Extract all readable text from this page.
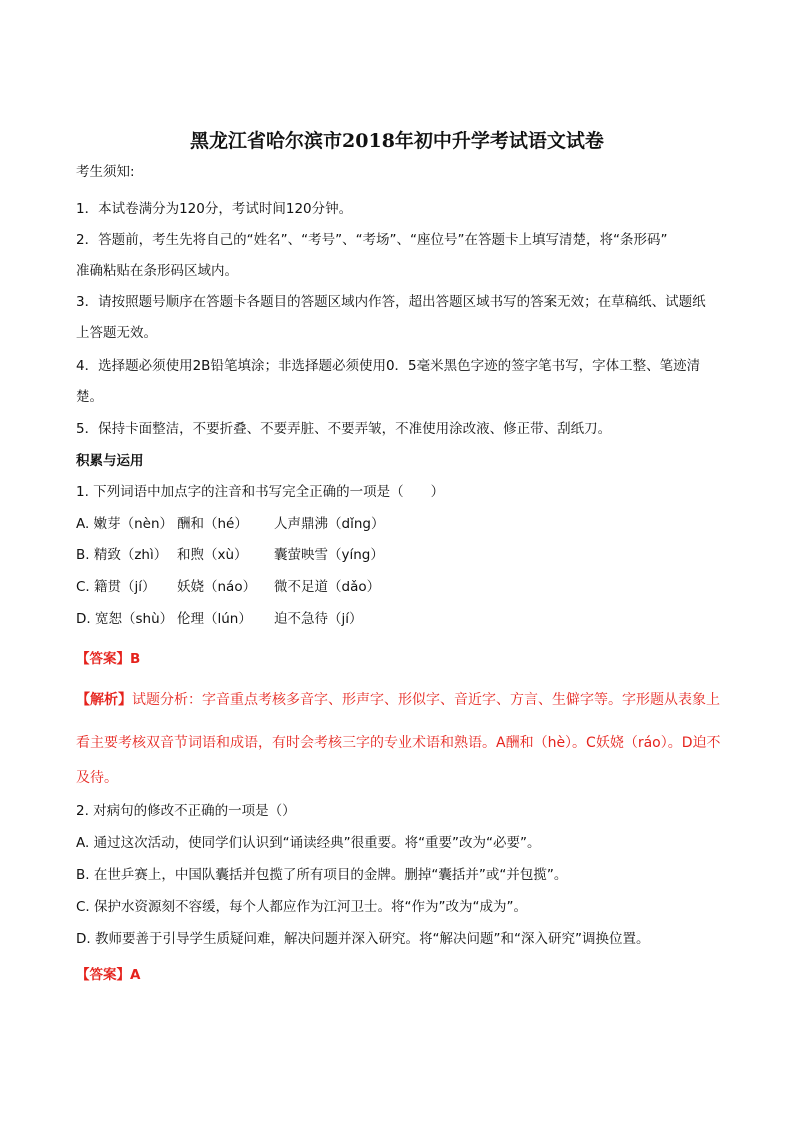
黑龙江省哈尔滨市2018年初中升学考试语文试卷
考生须知:
1．本试卷满分为120分，考试时间120分钟。
2．答题前，考生先将自己的“姓名”、“考号”、“考场”、“座位号”在答题卡上填写清楚，将“条形码”
准确粘贴在条形码区域内。
3．请按照题号顺序在答题卡各题目的答题区域内作答，超出答题区域书写的答案无效；在草稿纸、试题纸
上答题无效。
4．选择题必须使用2B铅笔填涂；非选择题必须使用0．5毫米黑色字迹的签字笔书写，字体工整、笔迹清
楚。
5．保持卡面整洁，不要折叠、不要弄脏、不要弄皱，不准使用涂改液、修正带、刮纸刀。
积累与运用
1. 下列词语中加点字的注音和书写完全正确的一项是（　　）
A. 嫩芽（nèn） 酬和（hé）	人声鼎沸（dǐng）
B. 精致（zhì） 和煦（xù）	囊萤映雪（yíng）
C. 籍贯（jí）	妖娆（náo）	微不足道（dǎo）
D. 宽恕（shù） 伦理（lún）	迫不急待（jí）
【答案】B
【解析】试题分析：字音重点考核多音字、形声字、形似字、音近字、方言、生僻字等。字形题从表象上
看主要考核双音节词语和成语，有时会考核三字的专业术语和熟语。A酬和（hè）。C妖娆（ráo）。D迫不
及待。
2. 对病句的修改不正确的一项是（）
A. 通过这次活动，使同学们认识到“诵读经典”很重要。将“重要”改为“必要”。
B. 在世乒赛上，中国队囊括并包揽了所有项目的金牌。删掉“囊括并”或“并包揽”。
C. 保护水资源刻不容缓，每个人都应作为江河卫士。将“作为”改为“成为”。
D. 教师要善于引导学生质疑问难，解决问题并深入研究。将“解决问题”和“深入研究”调换位置。
【答案】A
